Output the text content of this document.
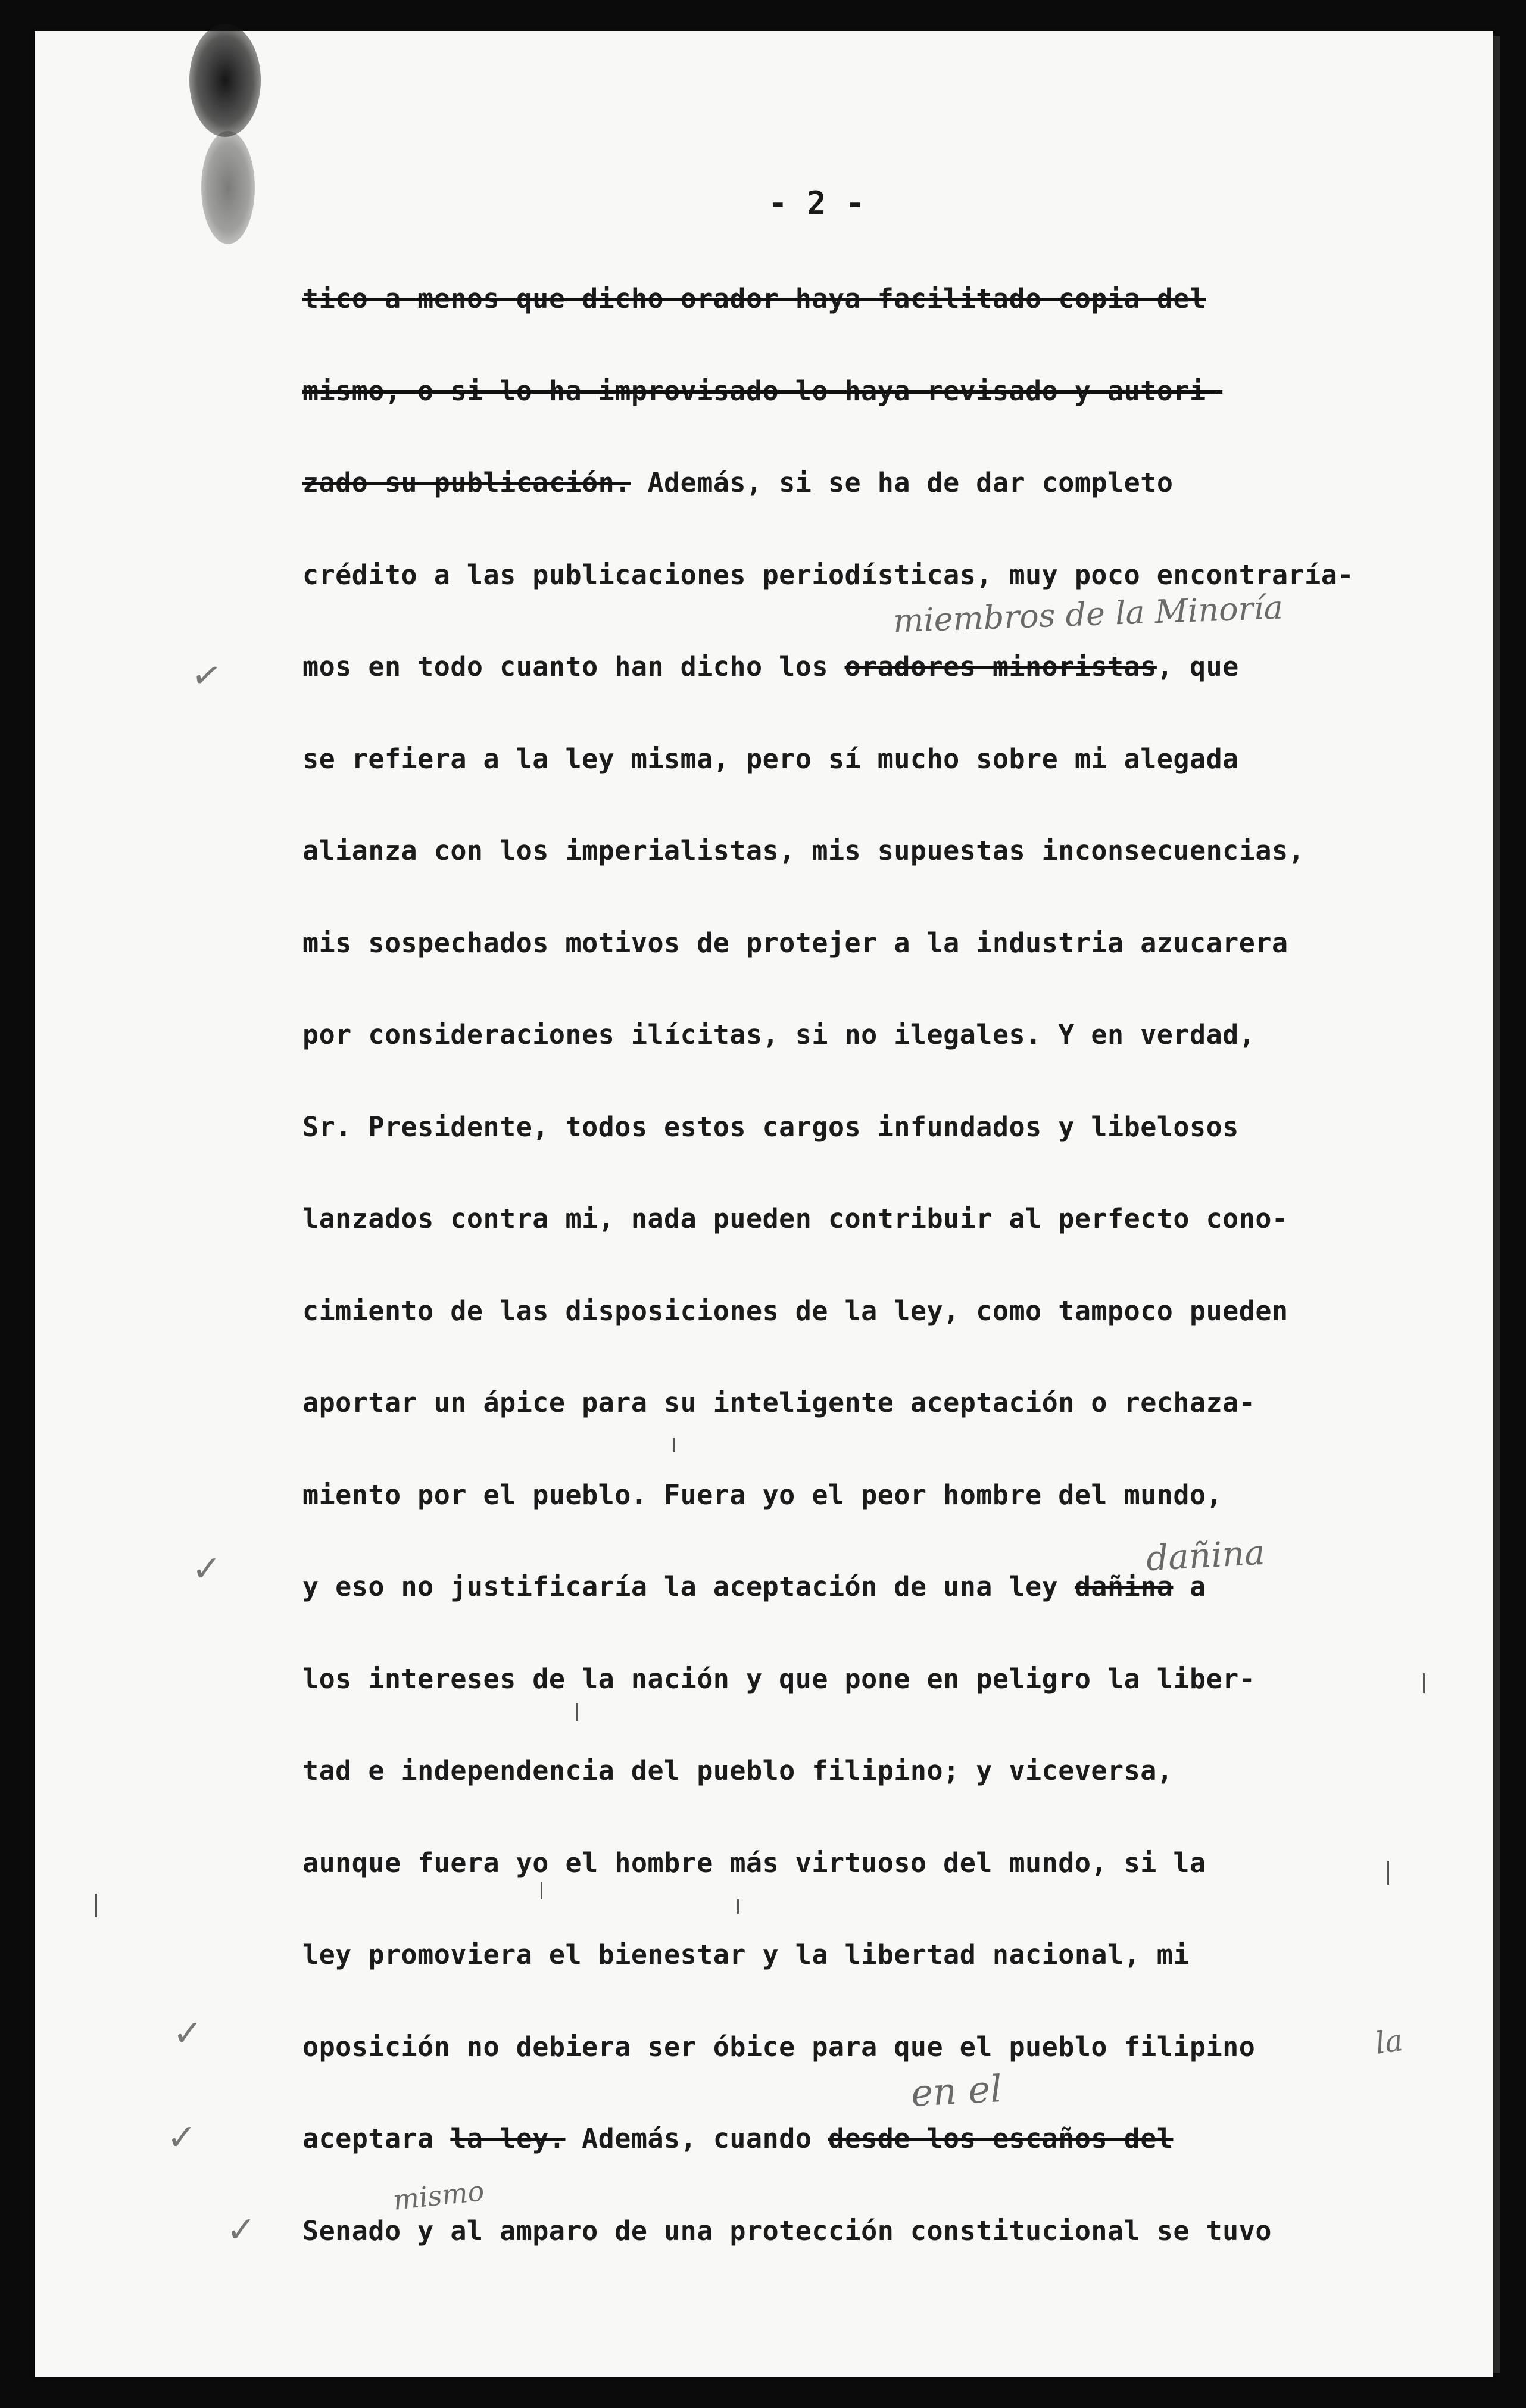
- 2 -
tico a menos que dicho orador haya facilitado copia del
mismo, o si lo ha improvisado lo haya revisado y autori-
zado su publicación. Además, si se ha de dar completo
crédito a las publicaciones periodísticas, muy poco encontraría-
mos en todo cuanto han dicho los oradores minoristas, que
se refiera a la ley misma, pero sí mucho sobre mi alegada
alianza con los imperialistas, mis supuestas inconsecuencias,
mis sospechados motivos de protejer a la industria azucarera
por consideraciones ilícitas, si no ilegales. Y en verdad,
Sr. Presidente, todos estos cargos infundados y libelosos
lanzados contra mi, nada pueden contribuir al perfecto cono-
cimiento de las disposiciones de la ley, como tampoco pueden
aportar un ápice para su inteligente aceptación o rechaza-
miento por el pueblo. Fuera yo el peor hombre del mundo,
y eso no justificaría la aceptación de una ley dañina a
los intereses de la nación y que pone en peligro la liber-
tad e independencia del pueblo filipino; y viceversa,
aunque fuera yo el hombre más virtuoso del mundo, si la
ley promoviera el bienestar y la libertad nacional, mi
oposición no debiera ser óbice para que el pueblo filipino
aceptara la ley. Además, cuando desde los escaños del
Senado y al amparo de una protección constitucional se tuvo
miembros de la Minoría
dañina
en el
mismo
la
✓
✓
✓
✓
✓
